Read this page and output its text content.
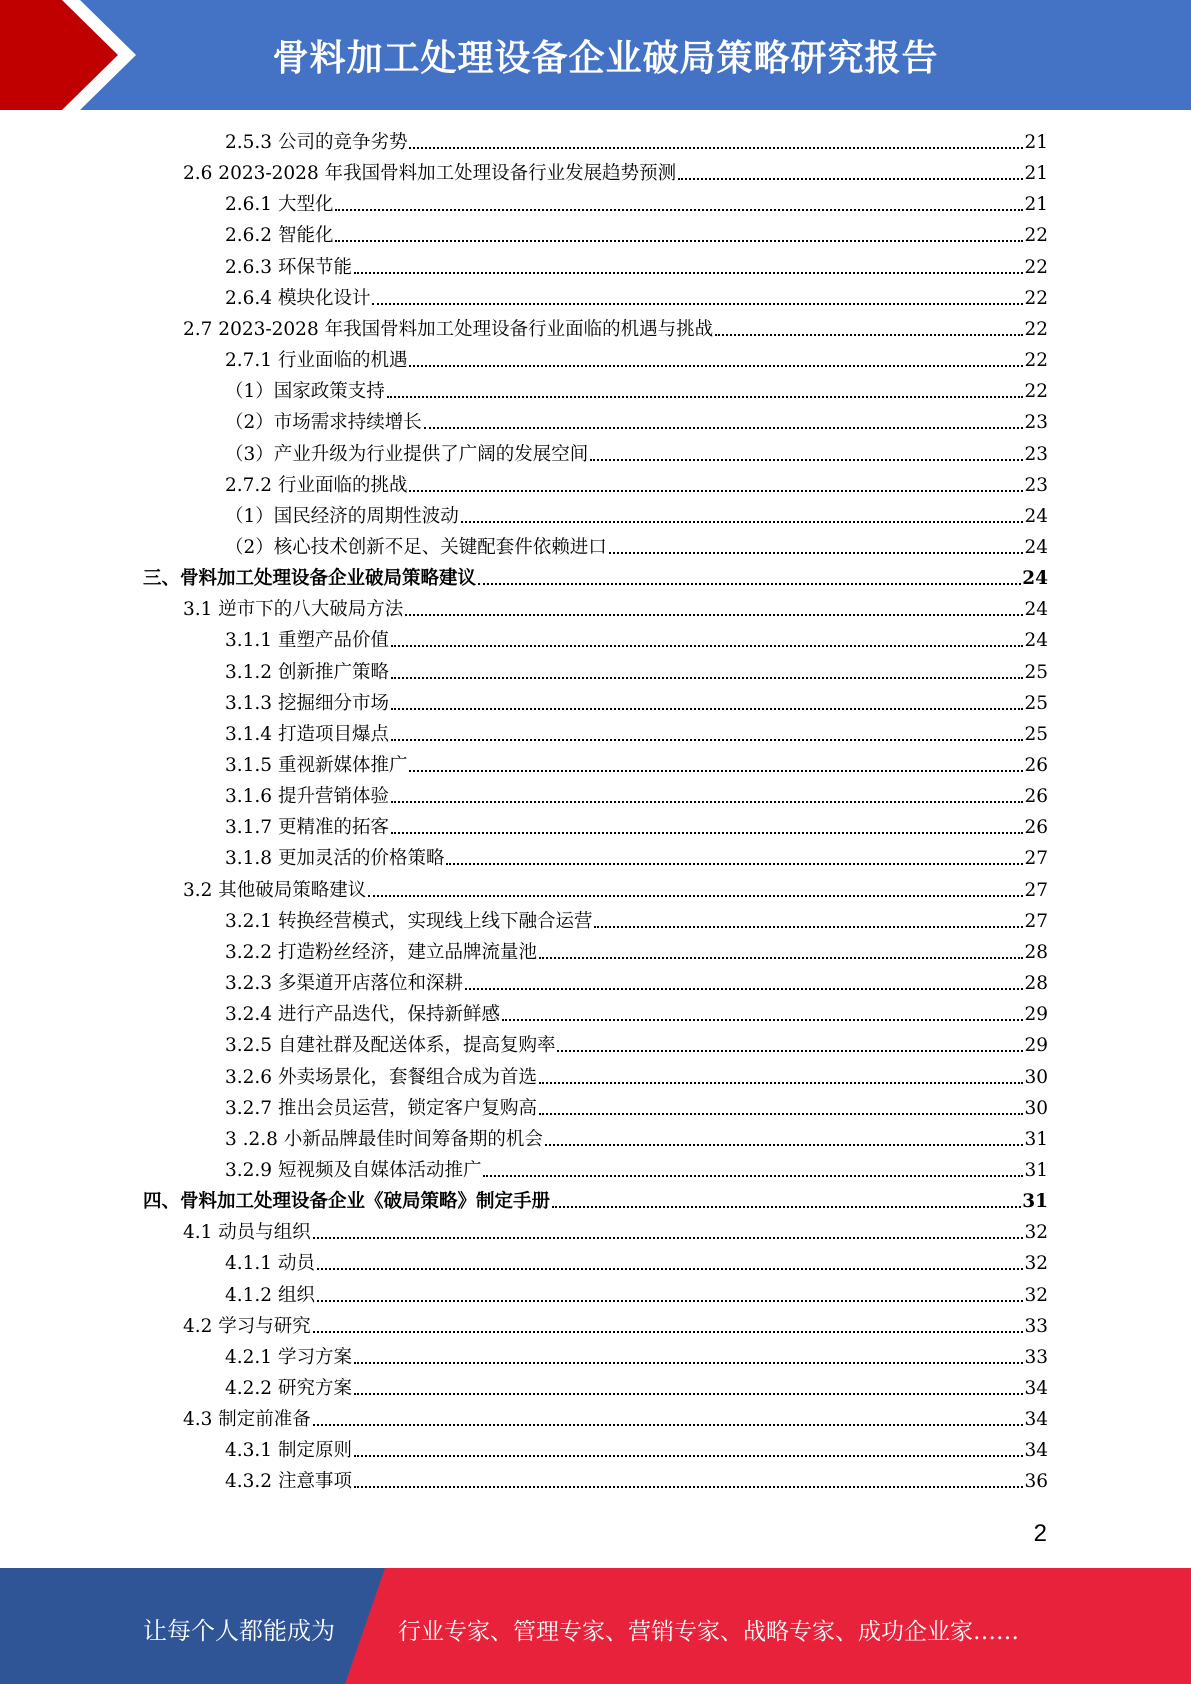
骨料加工处理设备企业破局策略研究报告
2.5.3 公司的竞争劣势	21
2.6 2023-2028 年我国骨料加工处理设备行业发展趋势预测	21
2.6.1 大型化	21
2.6.2 智能化	22
2.6.3 环保节能	22
2.6.4 模块化设计	22
2.7 2023-2028 年我国骨料加工处理设备行业面临的机遇与挑战	22
2.7.1 行业面临的机遇	22
（1）国家政策支持	22
（2）市场需求持续增长	23
（3）产业升级为行业提供了广阔的发展空间	23
2.7.2 行业面临的挑战	23
（1）国民经济的周期性波动	24
（2）核心技术创新不足、关键配套件依赖进口	24
三、骨料加工处理设备企业破局策略建议	24
3.1 逆市下的八大破局方法	24
3.1.1 重塑产品价值	24
3.1.2 创新推广策略	25
3.1.3 挖掘细分市场	25
3.1.4 打造项目爆点	25
3.1.5 重视新媒体推广	26
3.1.6 提升营销体验	26
3.1.7 更精准的拓客	26
3.1.8 更加灵活的价格策略	27
3.2 其他破局策略建议	27
3.2.1 转换经营模式，实现线上线下融合运营	27
3.2.2 打造粉丝经济，建立品牌流量池	28
3.2.3 多渠道开店落位和深耕	28
3.2.4 进行产品迭代，保持新鲜感	29
3.2.5 自建社群及配送体系，提高复购率	29
3.2.6 外卖场景化，套餐组合成为首选	30
3.2.7 推出会员运营，锁定客户复购高	30
3 .2.8 小新品牌最佳时间筹备期的机会	31
3.2.9 短视频及自媒体活动推广	31
四、骨料加工处理设备企业《破局策略》制定手册	31
4.1 动员与组织	32
4.1.1 动员	32
4.1.2 组织	32
4.2 学习与研究	33
4.2.1 学习方案	33
4.2.2 研究方案	34
4.3 制定前准备	34
4.3.1 制定原则	34
4.3.2 注意事项	36
2
让每个人都能成为	行业专家、管理专家、营销专家、战略专家、成功企业家……
